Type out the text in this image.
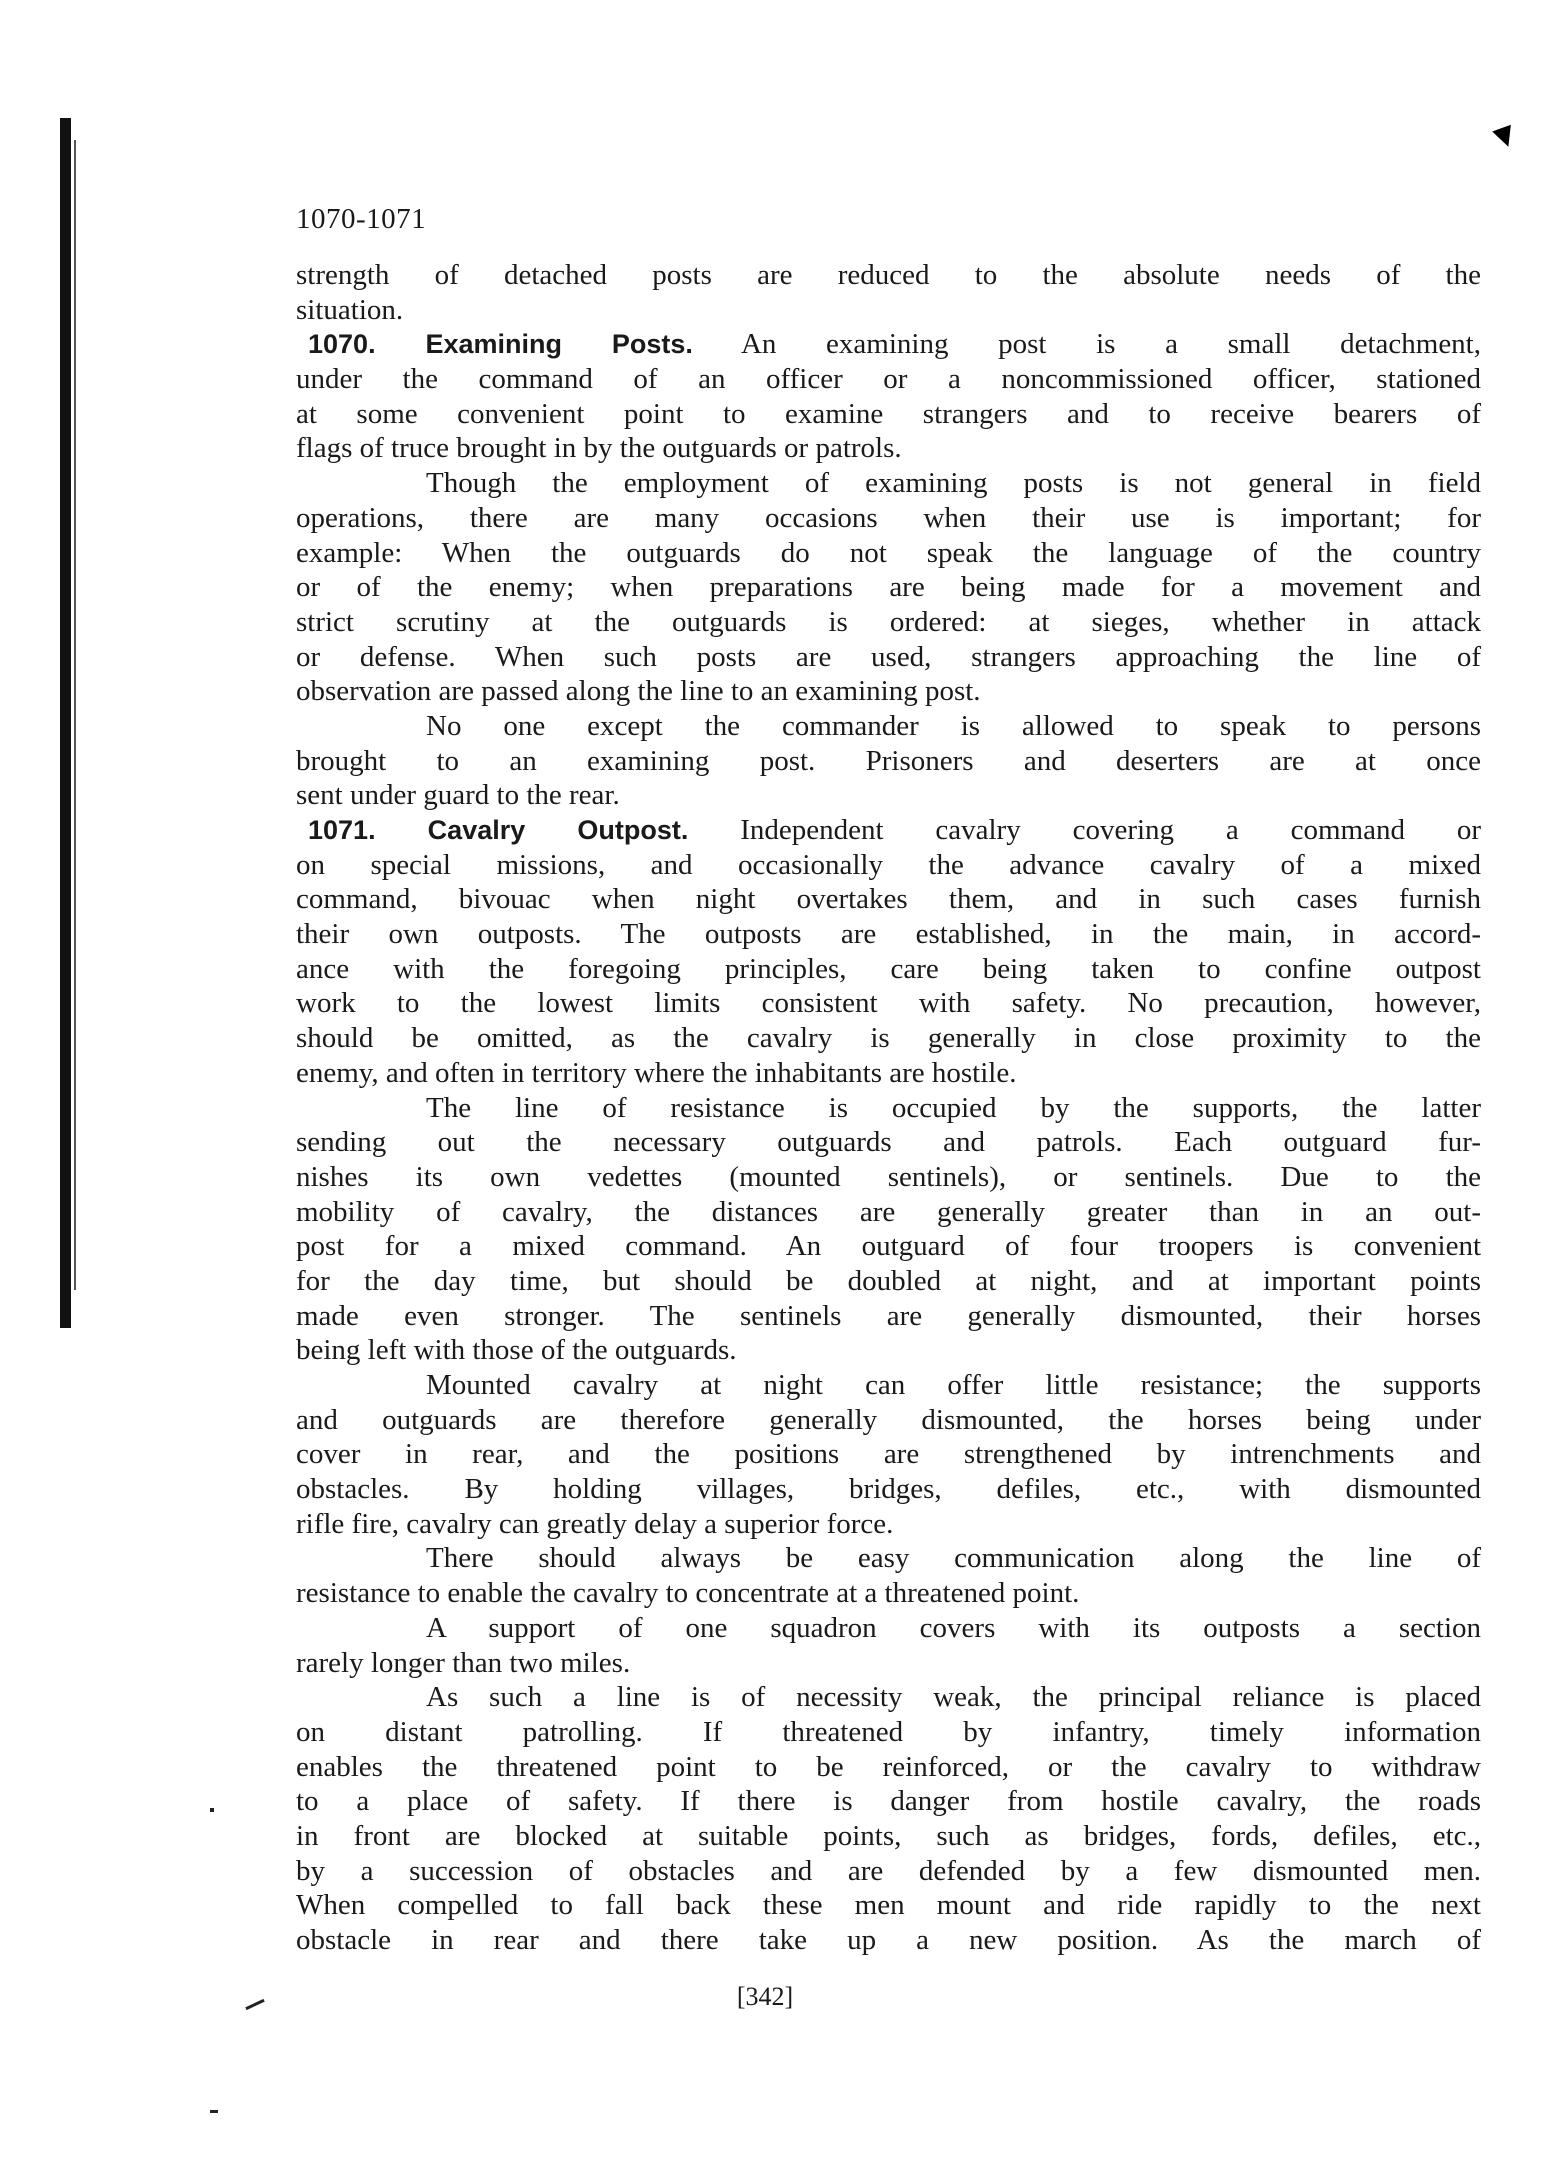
▼
1070-1071
strength of detached posts are reduced to the absolute needs of the
situation.
1070. Examining Posts. An examining post is a small detachment,
under the command of an officer or a noncommissioned officer, stationed
at some convenient point to examine strangers and to receive bearers of
flags of truce brought in by the outguards or patrols.
Though the employment of examining posts is not general in field
operations, there are many occasions when their use is important; for
example: When the outguards do not speak the language of the country
or of the enemy; when preparations are being made for a movement and
strict scrutiny at the outguards is ordered: at sieges, whether in attack
or defense. When such posts are used, strangers approaching the line of
observation are passed along the line to an examining post.
No one except the commander is allowed to speak to persons
brought to an examining post. Prisoners and deserters are at once
sent under guard to the rear.
1071. Cavalry Outpost. Independent cavalry covering a command or
on special missions, and occasionally the advance cavalry of a mixed
command, bivouac when night overtakes them, and in such cases furnish
their own outposts. The outposts are established, in the main, in accord-
ance with the foregoing principles, care being taken to confine outpost
work to the lowest limits consistent with safety. No precaution, however,
should be omitted, as the cavalry is generally in close proximity to the
enemy, and often in territory where the inhabitants are hostile.
The line of resistance is occupied by the supports, the latter
sending out the necessary outguards and patrols. Each outguard fur-
nishes its own vedettes (mounted sentinels), or sentinels. Due to the
mobility of cavalry, the distances are generally greater than in an out-
post for a mixed command. An outguard of four troopers is convenient
for the day time, but should be doubled at night, and at important points
made even stronger. The sentinels are generally dismounted, their horses
being left with those of the outguards.
Mounted cavalry at night can offer little resistance; the supports
and outguards are therefore generally dismounted, the horses being under
cover in rear, and the positions are strengthened by intrenchments and
obstacles. By holding villages, bridges, defiles, etc., with dismounted
rifle fire, cavalry can greatly delay a superior force.
There should always be easy communication along the line of
resistance to enable the cavalry to concentrate at a threatened point.
A support of one squadron covers with its outposts a section
rarely longer than two miles.
As such a line is of necessity weak, the principal reliance is placed
on distant patrolling. If threatened by infantry, timely information
enables the threatened point to be reinforced, or the cavalry to withdraw
to a place of safety. If there is danger from hostile cavalry, the roads
in front are blocked at suitable points, such as bridges, fords, defiles, etc.,
by a succession of obstacles and are defended by a few dismounted men.
When compelled to fall back these men mount and ride rapidly to the next
obstacle in rear and there take up a new position. As the march of
[342]
